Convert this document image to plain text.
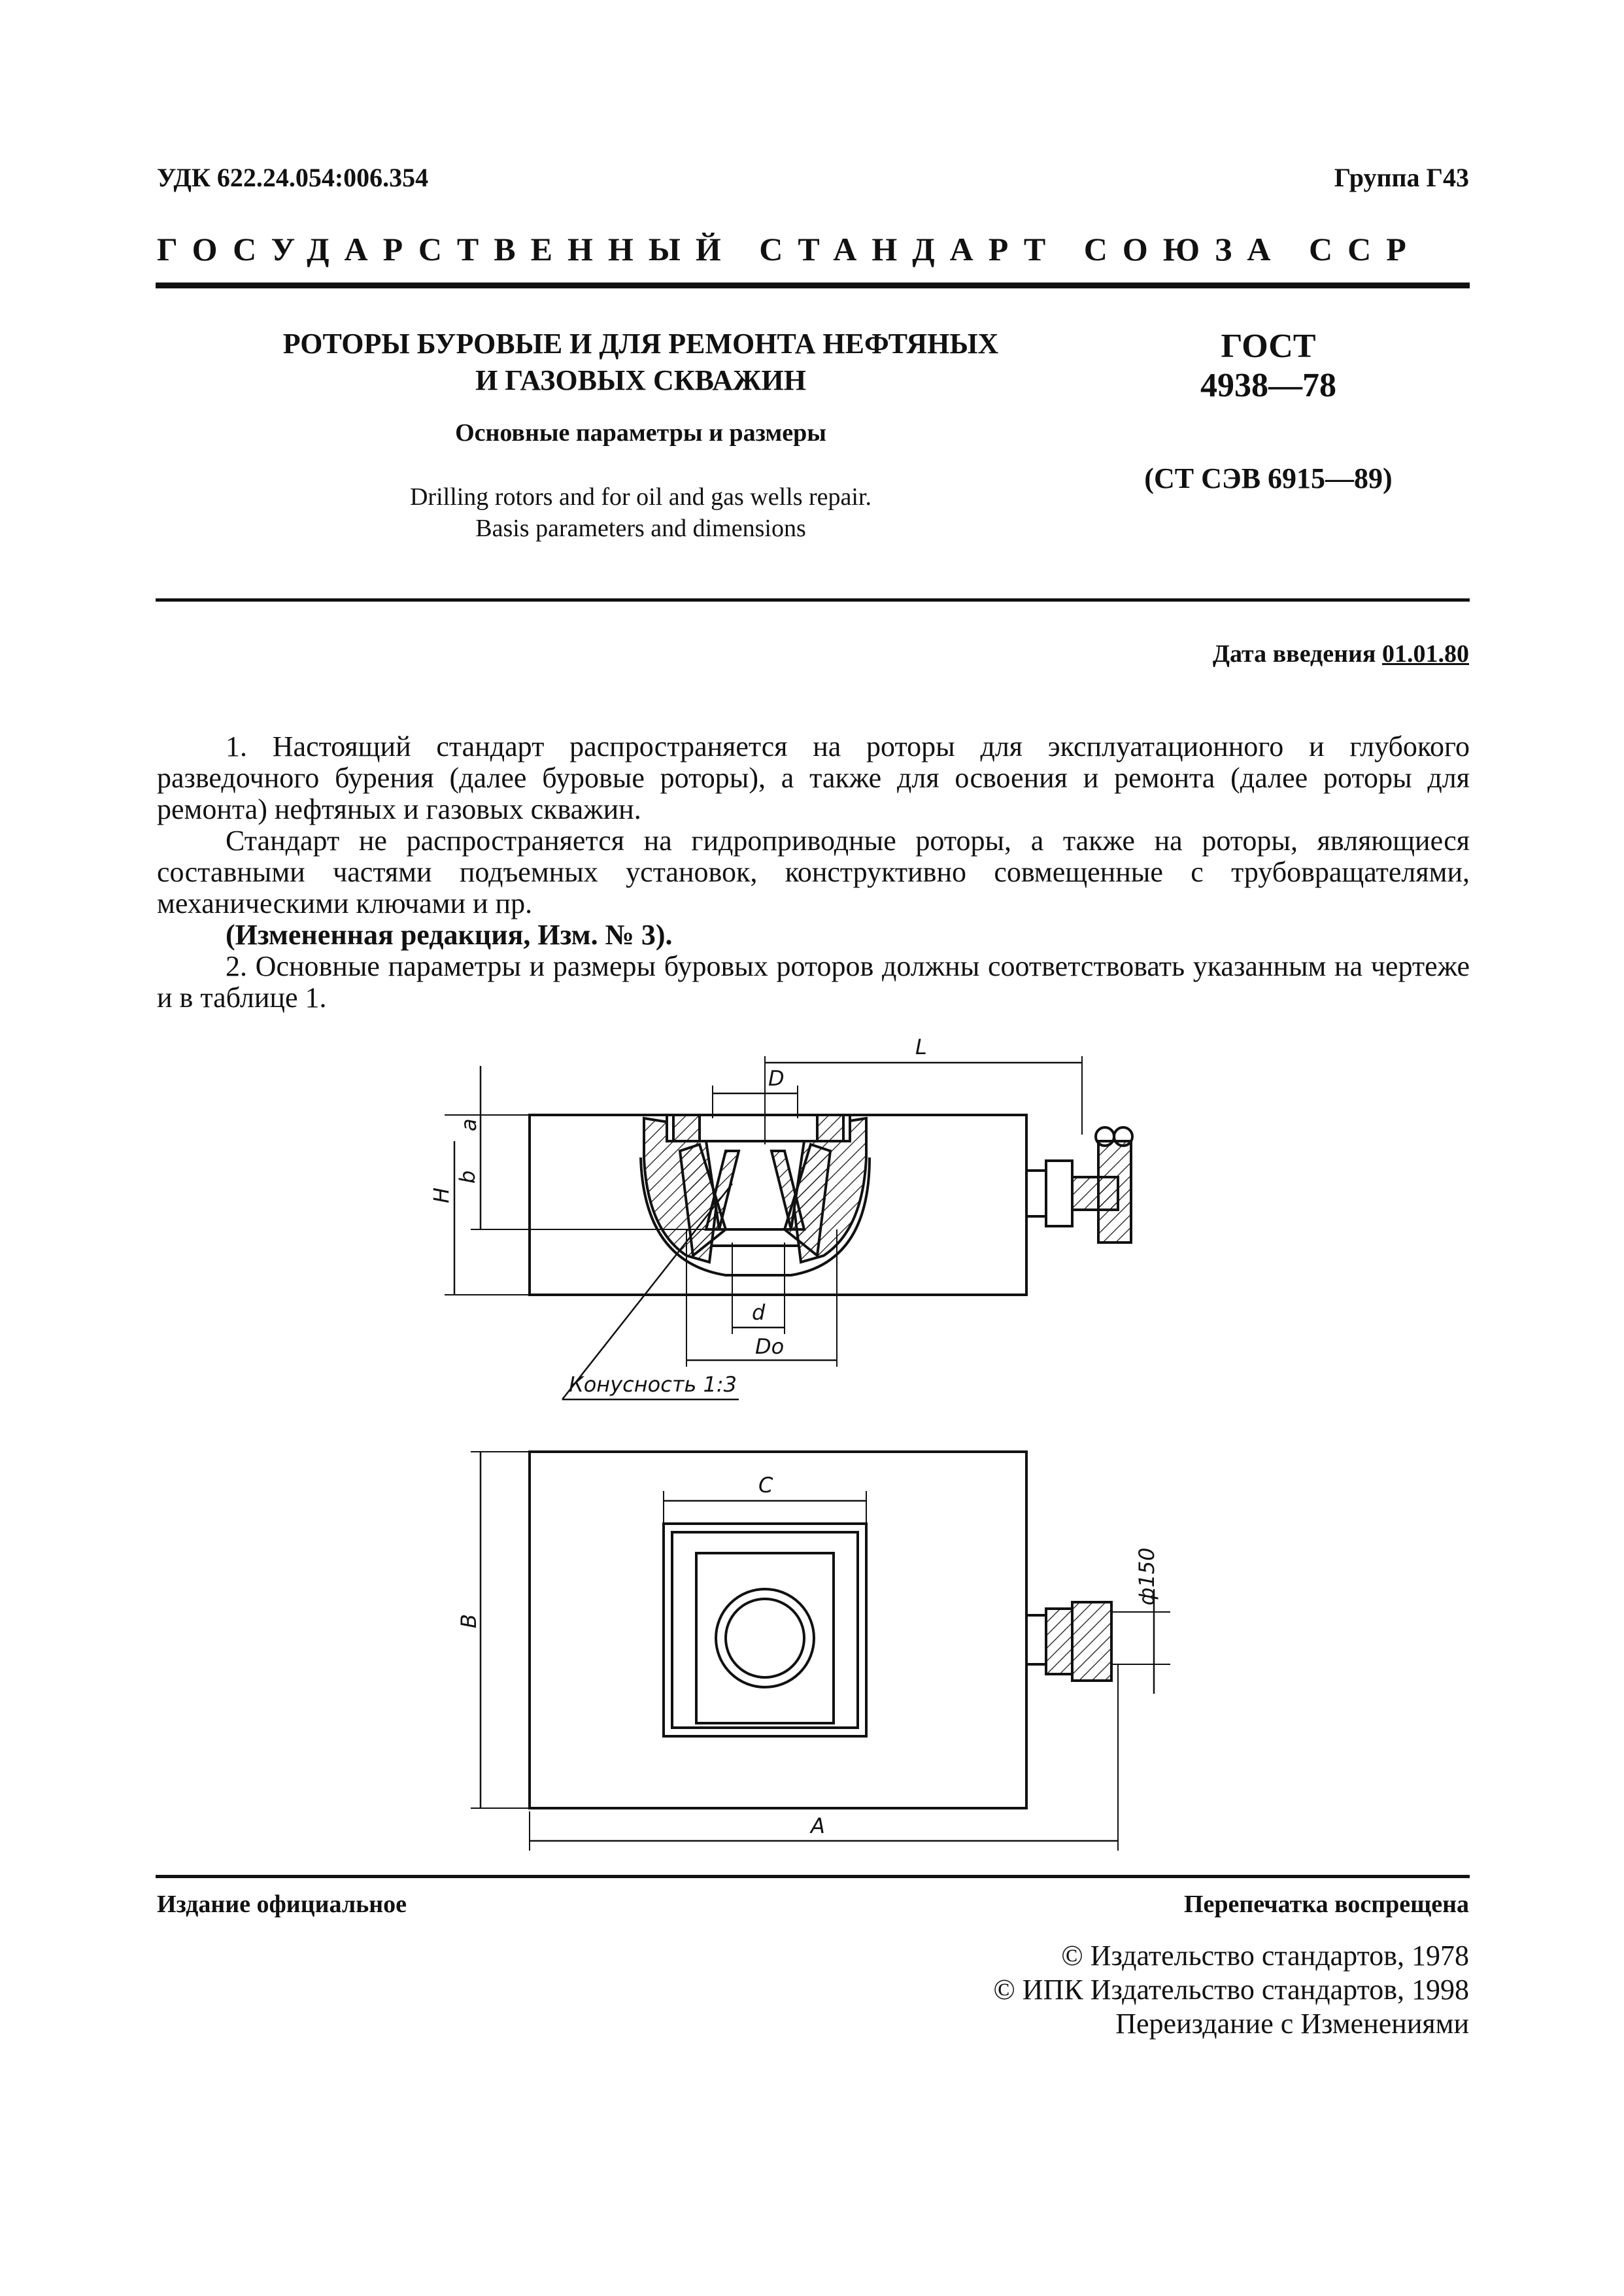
УДК 622.24.054:006.354	Группа Г43
ГОСУДАРСТВЕННЫЙ СТАНДАРТ СОЮЗА ССР
РОТОРЫ БУРОВЫЕ И ДЛЯ РЕМОНТА НЕФТЯНЫХ
И ГАЗОВЫХ СКВАЖИН
Основные параметры и размеры
Drilling rotors and for oil and gas wells repair.
Basis parameters and dimensions
ГОСТ
4938—78
(СТ СЭВ 6915—89)
Дата введения 01.01.80

1. Настоящий стандарт распространяется на роторы для эксплуатационного и глубокого разведочного бурения (далее буровые роторы), а также для освоения и ремонта (далее роторы для ремонта) нефтяных и газовых скважин.

Стандарт не распространяется на гидроприводные роторы, а также на роторы, являющиеся составными частями подъемных установок, конструктивно совмещенные с трубовращателями, механическими ключами и пр.

(Измененная редакция, Изм. № 3).

2. Основные параметры и размеры буровых роторов должны соответствовать указанным на чертеже и в таблице 1.

L
D
a
b
H
d
Do
Конусность 1:3
C
B
A
ф150
Издание официальное	Перепечатка воспрещена
© Издательство стандартов, 1978
© ИПК Издательство стандартов, 1998
Переиздание с Изменениями
